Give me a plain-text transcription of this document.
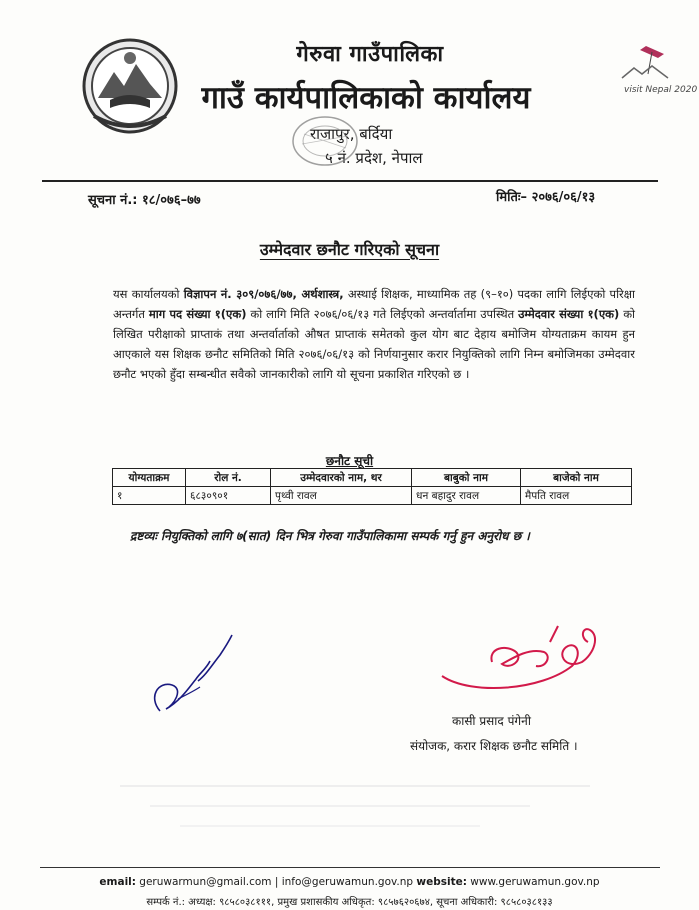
visit Nepal 2020
गेरुवा गाउँपालिका
गाउँ कार्यपालिकाको कार्यालय
राजापुर, बर्दिया
५ नं. प्रदेश, नेपाल
सूचना नं.: १८/०७६–७७	मितिः– २०७६/०६/१३
उम्मेदवार छनौट गरिएको सूचना
यस कार्यालयको विज्ञापन नं. ३०९/०७६/७७, अर्थशास्त्र, अस्थाई शिक्षक, माध्यामिक तह (९–१०) पदका लागि लिईएको परिक्षा अन्तर्गत माग पद संख्या १(एक) को लागि मिति २०७६/०६/१३ गते लिईएको अन्तर्वार्तामा उपस्थित उम्मेदवार संख्या १(एक) को लिखित परीक्षाको प्राप्ताकं तथा अन्तर्वार्ताको औषत प्राप्ताकं समेतको कुल योग बाट देहाय बमोजिम योग्यताक्रम कायम हुन आएकाले यस शिक्षक छनौट समितिको मिति २०७६/०६/१३ को निर्णयानुसार करार नियुक्तिको लागि निम्न बमोजिमका उम्मेदवार छनौट भएको हुँदा सम्बन्धीत सवैको जानकारीको लागि यो सूचना प्रकाशित गरिएको छ ।
छनौट सूची
योग्यताक्रम	रोल नं.	उम्मेदवारको नाम, थर	बाबुको नाम	बाजेको नाम
१	६८३०९०१	पृथ्वी रावल	धन बहादुर रावल	मैपति रावल
द्रष्टव्यः नियुक्तिको लागि ७(सात) दिन भित्र गेरुवा गाउँपालिकामा सम्पर्क गर्नु हुन अनुरोध छ ।
कासी प्रसाद पंगेनी
संयोजक, करार शिक्षक छनौट समिति ।
email: geruwarmun@gmail.com | info@geruwamun.gov.np website: www.geruwamun.gov.np
सम्पर्क नं.: अध्यक्ष: ९८५८०३८१११, प्रमुख प्रशासकीय अधिकृत: ९८५७६२०६७४, सूचना अधिकारी: ९८५८०३८१३३
